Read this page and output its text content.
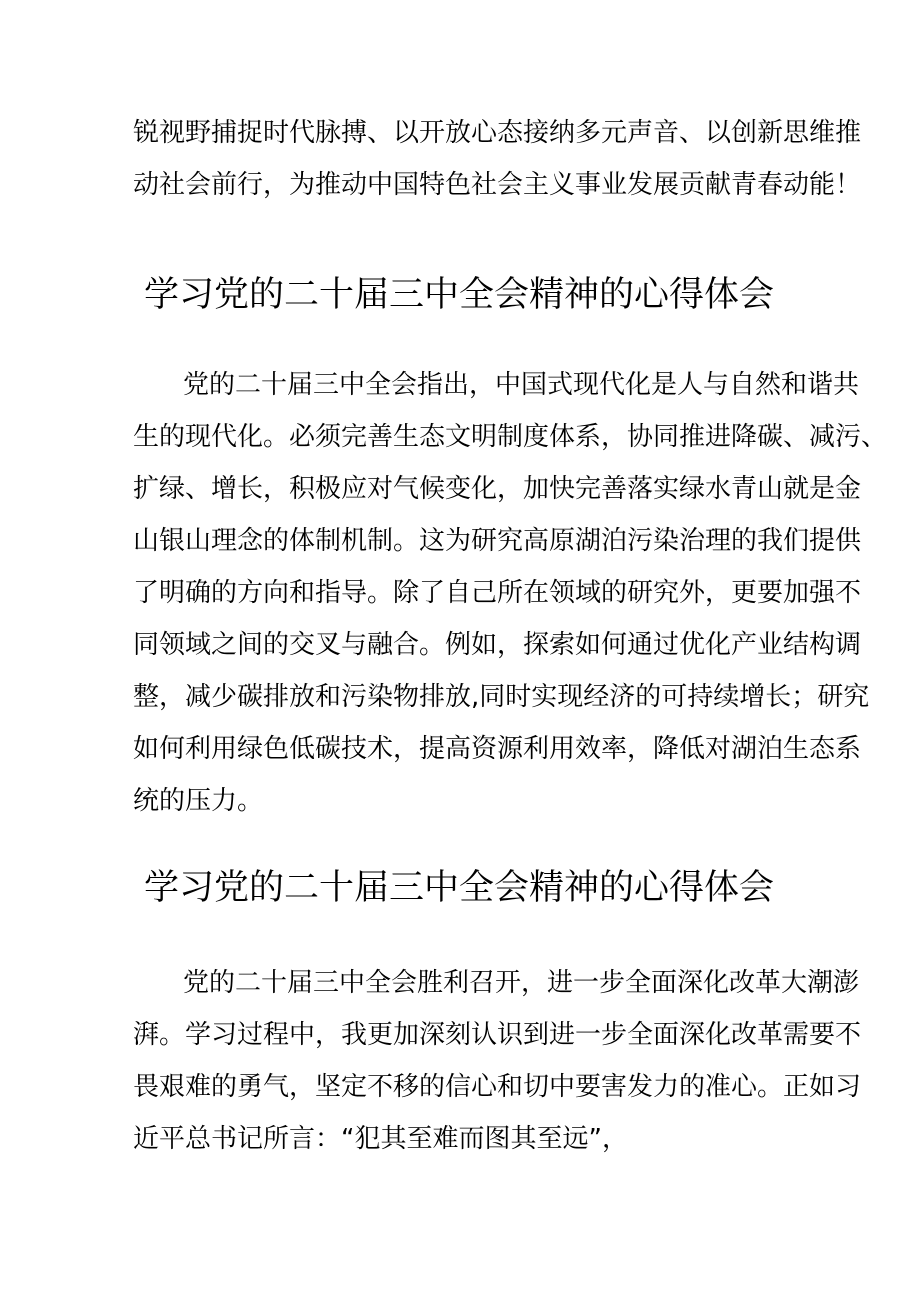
锐视野捕捉时代脉搏、以开放心态接纳多元声音、以创新思维推
动社会前行，为推动中国特色社会主义事业发展贡献青春动能！
学习党的二十届三中全会精神的心得体会
党的二十届三中全会指出，中国式现代化是人与自然和谐共
生的现代化。必须完善生态文明制度体系，协同推进降碳、减污、
扩绿、增长，积极应对气候变化，加快完善落实绿水青山就是金
山银山理念的体制机制。这为研究高原湖泊污染治理的我们提供
了明确的方向和指导。除了自己所在领域的研究外，更要加强不
同领域之间的交叉与融合。例如，探索如何通过优化产业结构调
整，减少碳排放和污染物排放,同时实现经济的可持续增长；研究
如何利用绿色低碳技术，提高资源利用效率，降低对湖泊生态系
统的压力。
学习党的二十届三中全会精神的心得体会
党的二十届三中全会胜利召开，进一步全面深化改革大潮澎
湃。学习过程中，我更加深刻认识到进一步全面深化改革需要不
畏艰难的勇气，坚定不移的信心和切中要害发力的准心。正如习
近平总书记所言：“犯其至难而图其至远”，
